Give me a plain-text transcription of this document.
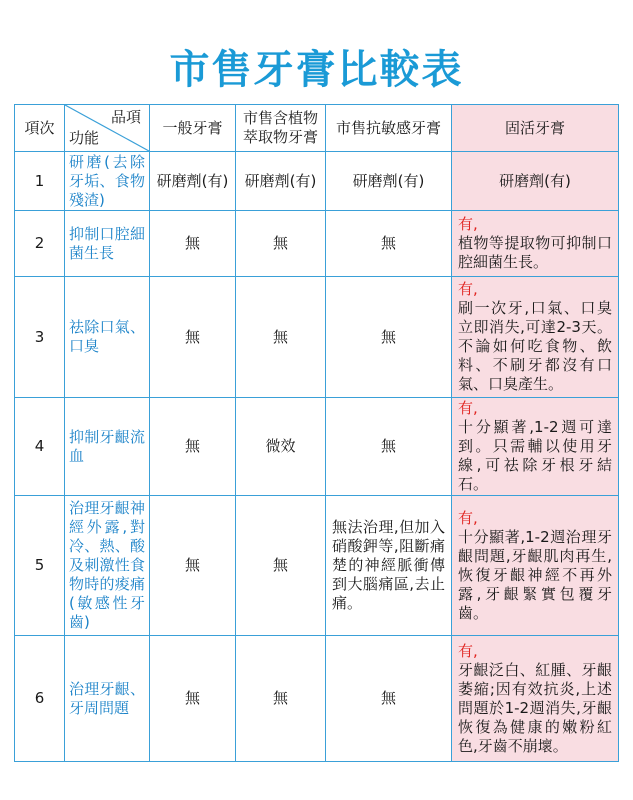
市售牙膏比較表
項次	品項
功能	一般牙膏	市售含植物萃取物牙膏	市售抗敏感牙膏	固活牙膏
1	研磨(去除牙垢、食物殘渣)	研磨劑(有)	研磨劑(有)	研磨劑(有)	研磨劑(有)
2	抑制口腔細菌生長	無	無	無	有,
植物等提取物可抑制口腔細菌生長。
3	祛除口氣、口臭	無	無	無	有,
刷一次牙,口氣、口臭立即消失,可達2-3天。不論如何吃食物、飲料、不刷牙都沒有口氣、口臭產生。
4	抑制牙齦流血	無	微效	無	有,
十分顯著,1-2週可達到。只需輔以使用牙線,可祛除牙根牙結石。
5	治理牙齦神經外露,對冷、熱、酸及刺激性食物時的痠痛(敏感性牙齒)	無	無	無法治理,但加入硝酸鉀等,阻斷痛楚的神經脈衝傳到大腦痛區,去止痛。	有,
十分顯著,1-2週治理牙齦問題,牙齦肌肉再生,恢復牙齦神經不再外露,牙齦緊實包覆牙齒。
6	治理牙齦、牙周問題	無	無	無	有,
牙齦泛白、紅腫、牙齦萎縮;因有效抗炎,上述問題於1-2週消失,牙齦恢復為健康的嫩粉紅色,牙齒不崩壞。
